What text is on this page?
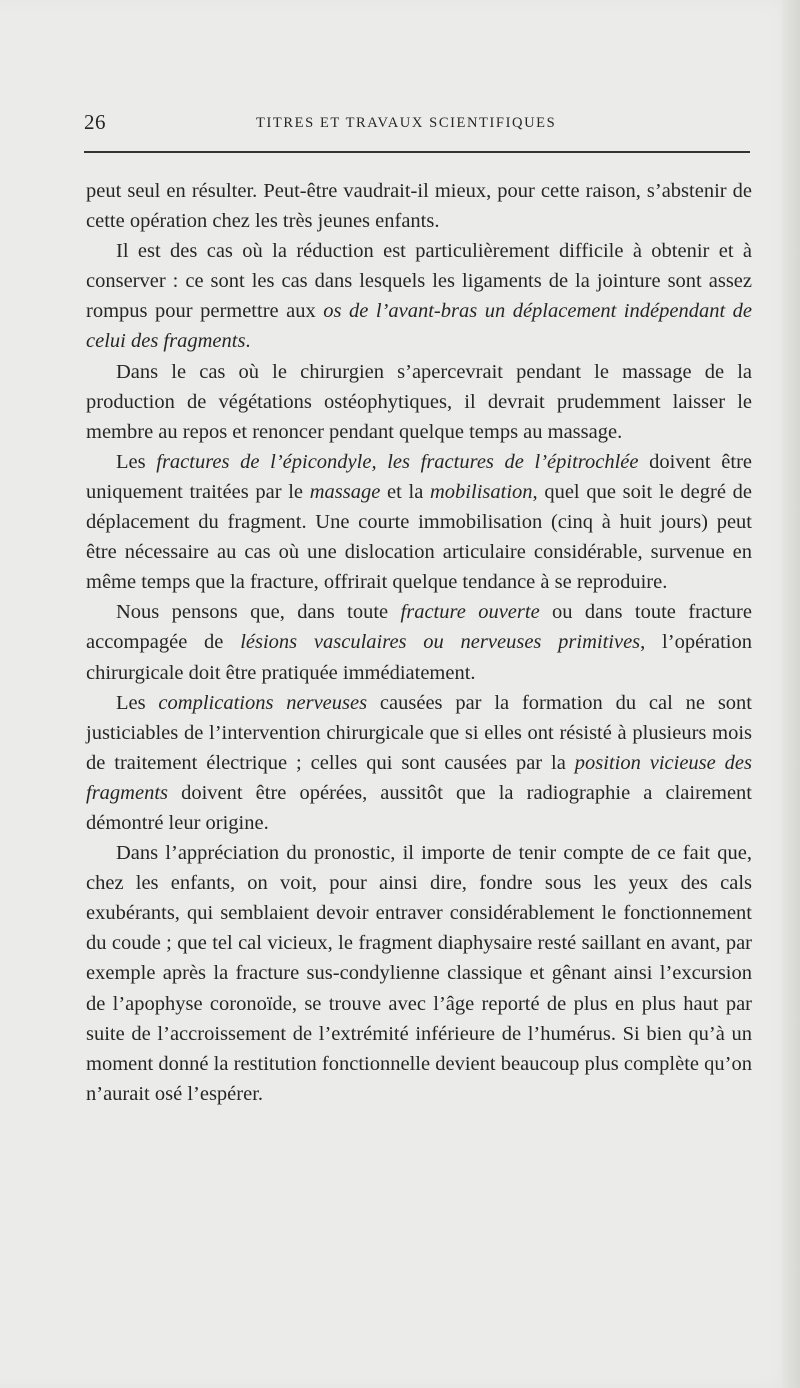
26	TITRES ET TRAVAUX SCIENTIFIQUES

peut seul en résulter. Peut-être vaudrait-il mieux, pour cette raison, s’abstenir de cette opération chez les très jeunes enfants.

Il est des cas où la réduction est particulièrement difficile à obtenir et à conserver : ce sont les cas dans lesquels les ligaments de la jointure sont assez rompus pour permettre aux os de l’avant-bras un déplacement indépendant de celui des fragments.

Dans le cas où le chirurgien s’apercevrait pendant le massage de la production de végétations ostéophytiques, il devrait prudemment laisser le membre au repos et renoncer pendant quelque temps au massage.

Les fractures de l’épicondyle, les fractures de l’épitrochlée doivent être uniquement traitées par le massage et la mobilisation, quel que soit le degré de déplacement du fragment. Une courte immobilisation (cinq à huit jours) peut être nécessaire au cas où une dislocation articulaire considérable, survenue en même temps que la fracture, offrirait quelque tendance à se reproduire.

Nous pensons que, dans toute fracture ouverte ou dans toute fracture accompagée de lésions vasculaires ou nerveuses primitives, l’opération chirurgicale doit être pratiquée immédiatement.

Les complications nerveuses causées par la formation du cal ne sont justiciables de l’intervention chirurgicale que si elles ont résisté à plusieurs mois de traitement électrique ; celles qui sont causées par la position vicieuse des fragments doivent être opérées, aussitôt que la radiographie a clairement démontré leur origine.

Dans l’appréciation du pronostic, il importe de tenir compte de ce fait que, chez les enfants, on voit, pour ainsi dire, fondre sous les yeux des cals exubérants, qui semblaient devoir entraver considérablement le fonctionnement du coude ; que tel cal vicieux, le fragment diaphysaire resté saillant en avant, par exemple après la fracture sus-condylienne classique et gênant ainsi l’excursion de l’apophyse coronoïde, se trouve avec l’âge reporté de plus en plus haut par suite de l’accroissement de l’extrémité inférieure de l’humérus. Si bien qu’à un moment donné la restitution fonctionnelle devient beaucoup plus complète qu’on n’aurait osé l’espérer.
